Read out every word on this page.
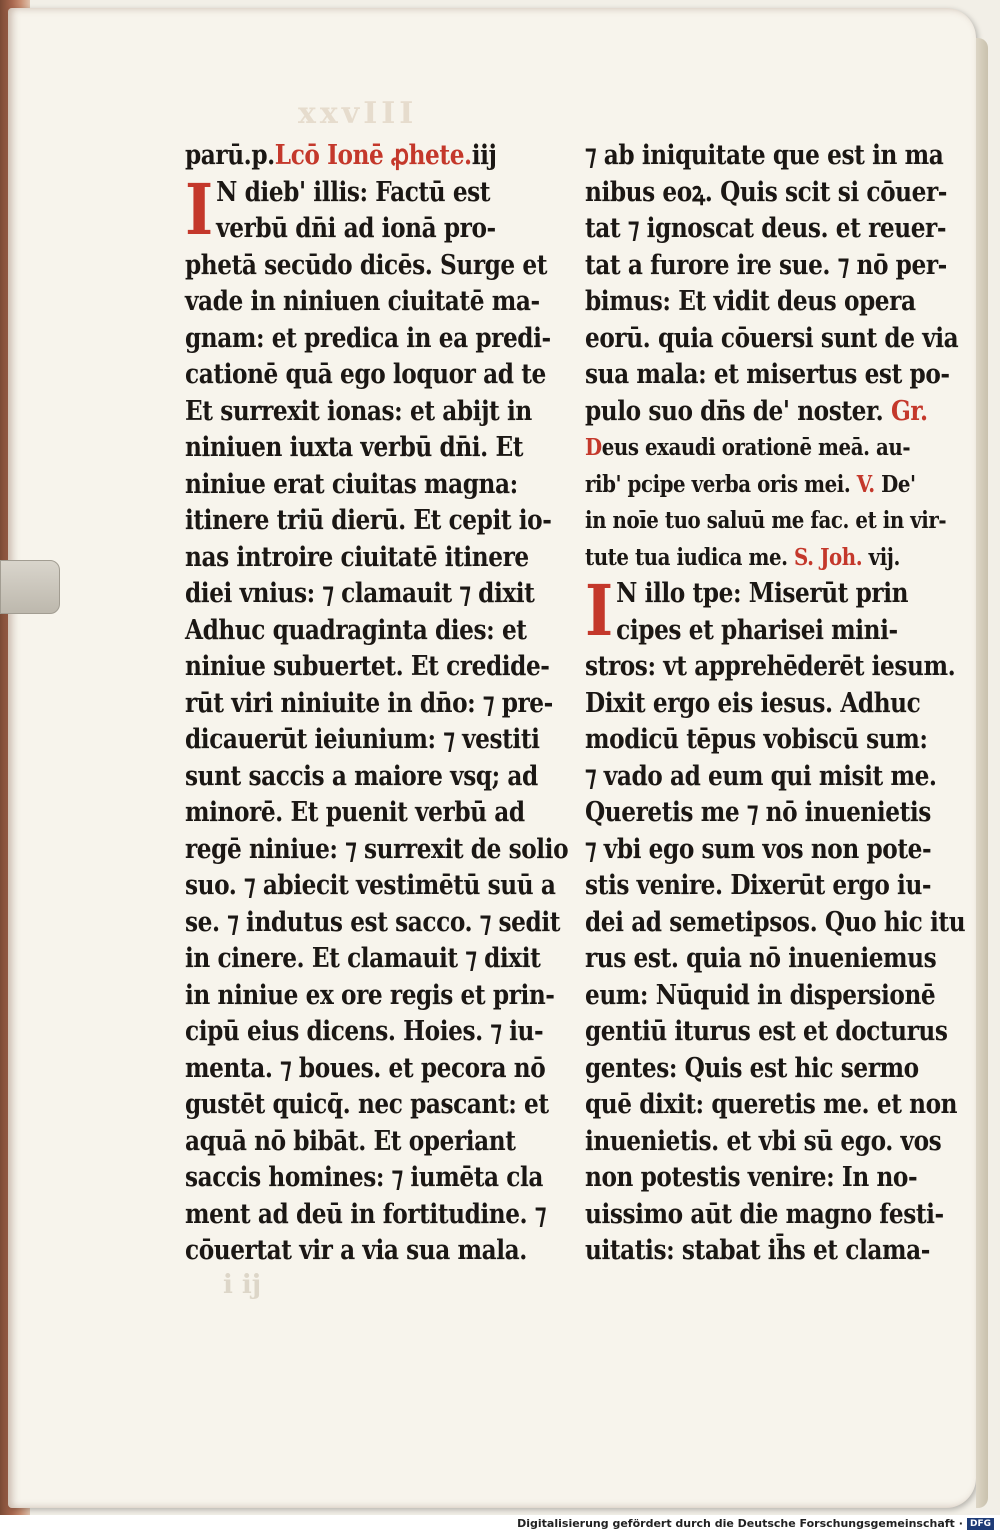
xxvIII
i ij
parū.p.Lcō Ionē ꝓhete.iij
I N dieb' illis: Factū est
verbū dn̄i ad ionā pro-
phetā secūdo dicēs. Surge et
vade in niniuen ciuitatē ma-
gnam: et predica in ea predi-
cationē quā ego loquor ad te
Et surrexit ionas: et abijt in
niniuen iuxta verbū dn̄i. Et
niniue erat ciuitas magna:
itinere triū dierū. Et cepit io-
nas introire ciuitatē itinere
diei vnius: ⁊ clamauit ⁊ dixit
Adhuc quadraginta dies: et
niniue subuertet. Et credide-
rūt viri niniuite in dn̄o: ⁊ pre-
dicauerūt ieiunium: ⁊ vestiti
sunt saccis a maiore vsq; ad
minorē. Et puenit verbū ad
regē niniue: ⁊ surrexit de solio
suo. ⁊ abiecit vestimētū suū a
se. ⁊ indutus est sacco. ⁊ sedit
in cinere. Et clamauit ⁊ dixit
in niniue ex ore regis et prin-
cipū eius dicens. Hoies. ⁊ iu-
menta. ⁊ boues. et pecora nō
gustēt quicq̄. nec pascant: et
aquā nō bibāt. Et operiant
saccis homines: ⁊ iumēta cla
ment ad deū in fortitudine. ⁊
cōuertat vir a via sua mala.
⁊ ab iniquitate que est in ma
nibus eoꝝ. Quis scit si cōuer-
tat ⁊ ignoscat deus. et reuer-
tat a furore ire sue. ⁊ nō per-
bimus: Et vidit deus opera
eorū. quia cōuersi sunt de via
sua mala: et misertus est po-
pulo suo dn̄s de' noster. Gr.
Deus exaudi orationē meā. au-
rib' pcipe verba oris mei. V. De'
in noīe tuo saluū me fac. et in vir-
tute tua iudica me. S. Joh. vij.
I N illo tpe: Miserūt prin
cipes et pharisei mini-
stros: vt apprehēderēt iesum.
Dixit ergo eis iesus. Adhuc
modicū tēpus vobiscū sum:
⁊ vado ad eum qui misit me.
Queretis me ⁊ nō inuenietis
⁊ vbi ego sum vos non pote-
stis venire. Dixerūt ergo iu-
dei ad semetipsos. Quo hic itu
rus est. quia nō inueniemus
eum: Nūquid in dispersionē
gentiū iturus est et docturus
gentes: Quis est hic sermo
quē dixit: queretis me. et non
inuenietis. et vbi sū ego. vos
non potestis venire: In no-
uissimo aūt die magno festi-
uitatis: stabat ih̄s et clama-
Digitalisierung gefördert durch die Deutsche Forschungsgemeinschaft · DFG
